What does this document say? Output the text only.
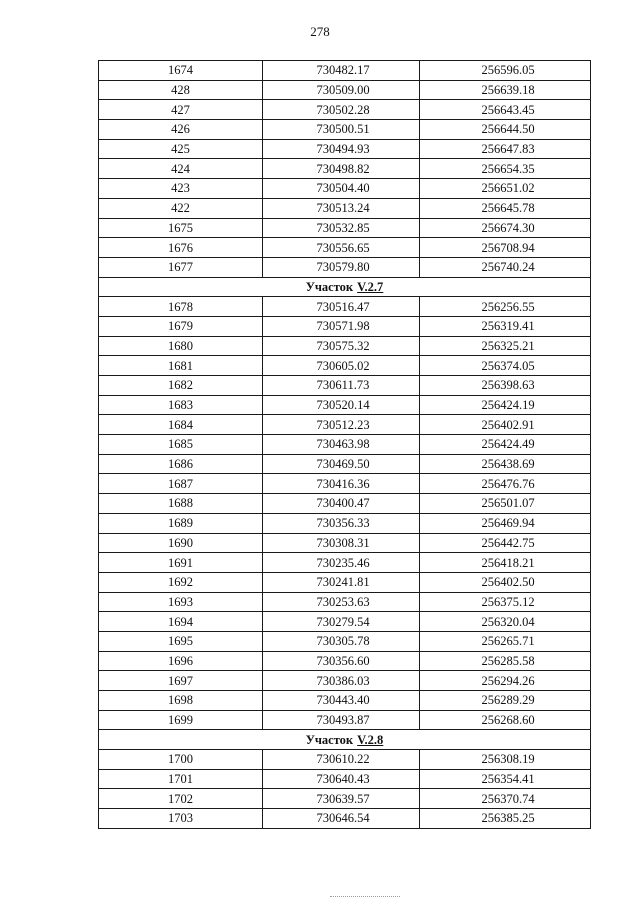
278
1674	730482.17	256596.05
428	730509.00	256639.18
427	730502.28	256643.45
426	730500.51	256644.50
425	730494.93	256647.83
424	730498.82	256654.35
423	730504.40	256651.02
422	730513.24	256645.78
1675	730532.85	256674.30
1676	730556.65	256708.94
1677	730579.80	256740.24
Участок V.2.7		
1678	730516.47	256256.55
1679	730571.98	256319.41
1680	730575.32	256325.21
1681	730605.02	256374.05
1682	730611.73	256398.63
1683	730520.14	256424.19
1684	730512.23	256402.91
1685	730463.98	256424.49
1686	730469.50	256438.69
1687	730416.36	256476.76
1688	730400.47	256501.07
1689	730356.33	256469.94
1690	730308.31	256442.75
1691	730235.46	256418.21
1692	730241.81	256402.50
1693	730253.63	256375.12
1694	730279.54	256320.04
1695	730305.78	256265.71
1696	730356.60	256285.58
1697	730386.03	256294.26
1698	730443.40	256289.29
1699	730493.87	256268.60
Участок V.2.8		
1700	730610.22	256308.19
1701	730640.43	256354.41
1702	730639.57	256370.74
1703	730646.54	256385.25
